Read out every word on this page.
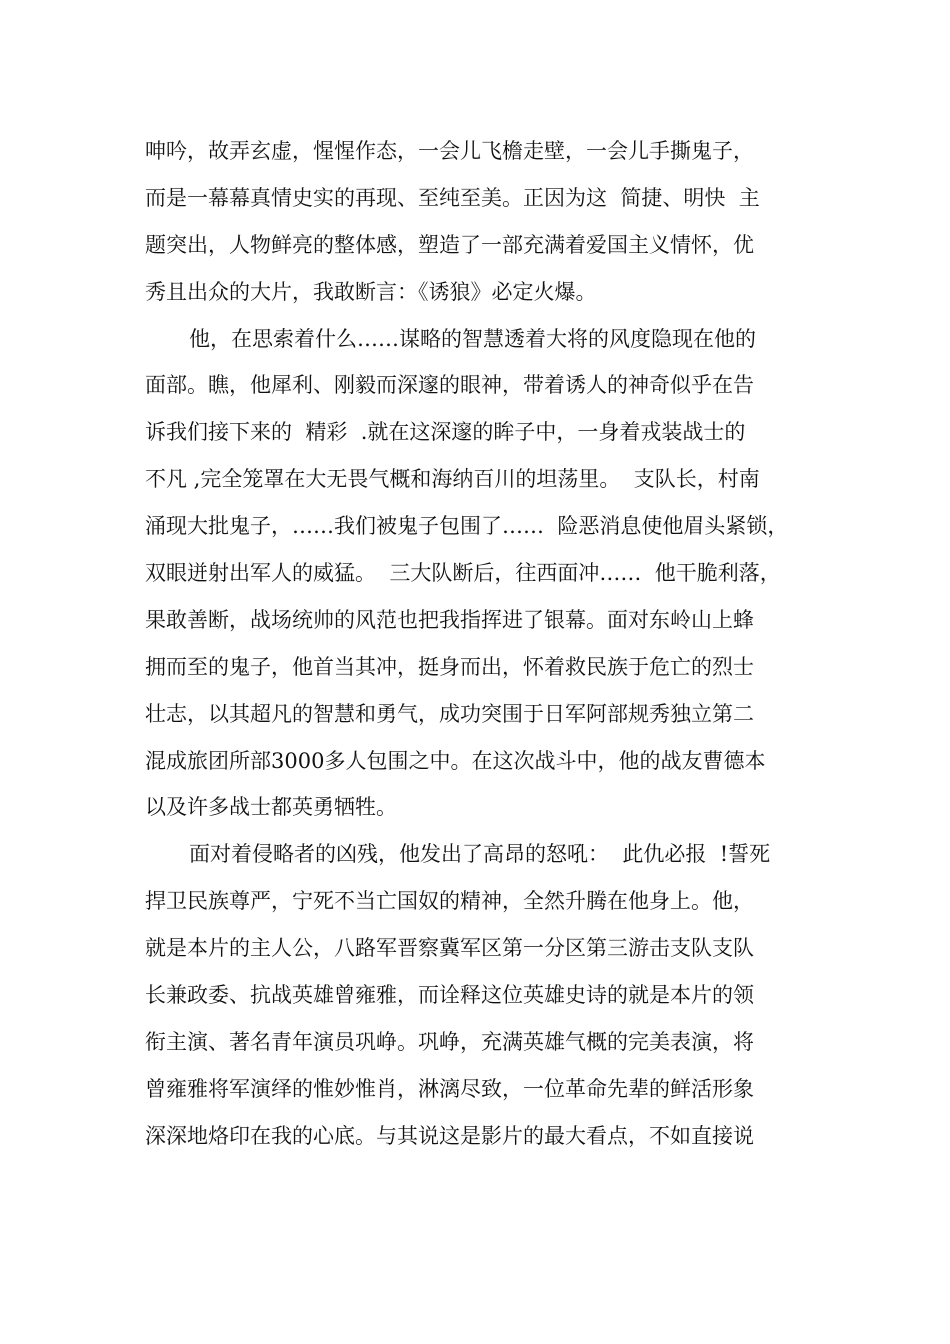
呻吟，故弄玄虚，惺惺作态，一会儿飞檐走壁，一会儿手撕鬼子，
而是一幕幕真情史实的再现、至纯至美。正因为这  简捷、明快  主
题突出，人物鲜亮的整体感，塑造了一部充满着爱国主义情怀，优
秀且出众的大片，我敢断言：《诱狼》必定火爆。
他，在思索着什么……谋略的智慧透着大将的风度隐现在他的
面部。瞧，他犀利、刚毅而深邃的眼神，带着诱人的神奇似乎在告
诉我们接下来的  精彩  .就在这深邃的眸子中，一身着戎装战士的
不凡 ,完全笼罩在大无畏气概和海纳百川的坦荡里。  支队长，村南
涌现大批鬼子，……我们被鬼子包围了……  险恶消息使他眉头紧锁，
双眼迸射出军人的威猛。  三大队断后，往西面冲……  他干脆利落，
果敢善断，战场统帅的风范也把我指挥进了银幕。面对东岭山上蜂
拥而至的鬼子，他首当其冲，挺身而出，怀着救民族于危亡的烈士
壮志，以其超凡的智慧和勇气，成功突围于日军阿部规秀独立第二
混成旅团所部3000多人包围之中。在这次战斗中，他的战友曹德本
以及许多战士都英勇牺牲。
面对着侵略者的凶残，他发出了高昂的怒吼：  此仇必报  !誓死
捍卫民族尊严，宁死不当亡国奴的精神，全然升腾在他身上。他，
就是本片的主人公，八路军晋察冀军区第一分区第三游击支队支队
长兼政委、抗战英雄曾雍雅，而诠释这位英雄史诗的就是本片的领
衔主演、著名青年演员巩峥。巩峥，充满英雄气概的完美表演，将
曾雍雅将军演绎的惟妙惟肖，淋漓尽致，一位革命先辈的鲜活形象
深深地烙印在我的心底。与其说这是影片的最大看点，不如直接说
